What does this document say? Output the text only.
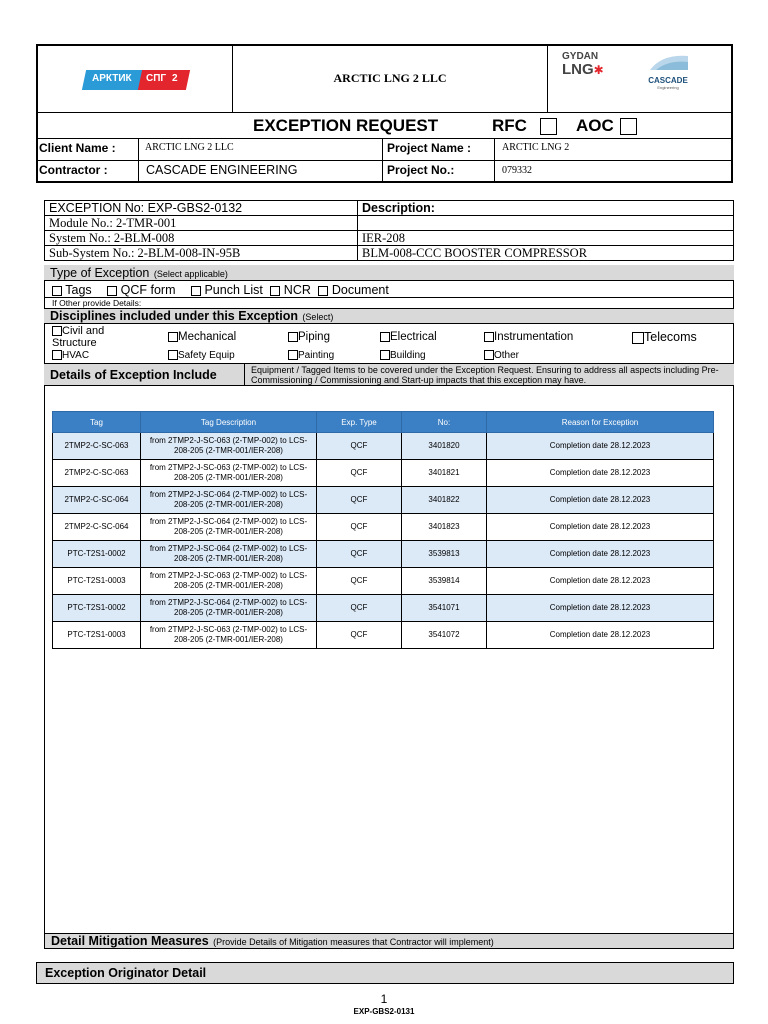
АРКТИК СПГ 2	ARCTIC LNG 2 LLC
GYDAN
LNG✱
CASCADE
Engineering
EXCEPTION REQUEST	RFC	AOC
Client Name :	ARCTIC LNG 2 LLC	Project Name :	ARCTIC LNG 2
Contractor :	CASCADE ENGINEERING	Project No.:	079332
EXCEPTION No: EXP-GBS2-0132	Description:
Module No.: 2-TMR-001	
System No.: 2-BLM-008	IER-208
Sub-System No.: 2-BLM-008-IN-95B	BLM-008-CCC BOOSTER COMPRESSOR
Type of Exception (Select applicable)
Tags QCF form Punch List NCR Document
If Other provide Details:
Disciplines included under this Exception (Select)
Civil and
Structure	Mechanical	Piping	Electrical	Instrumentation	Telecoms
HVAC	Safety Equip	Painting	Building	Other
Details of Exception Include	Equipment / Tagged Items to be covered under the Exception Request. Ensuring to address all aspects including Pre-Commissioning / Commissioning and Start-up impacts that this exception may have.
Tag	Tag Description	Exp. Type	No:	Reason for Exception
2TMP2-C-SC-063	from 2TMP2-J-SC-063 (2-TMP-002) to LCS-208-205 (2-TMR-001/IER-208)	QCF	3401820	Completion date 28.12.2023
2TMP2-C-SC-063	from 2TMP2-J-SC-063 (2-TMP-002) to LCS-208-205 (2-TMR-001/IER-208)	QCF	3401821	Completion date 28.12.2023
2TMP2-C-SC-064	from 2TMP2-J-SC-064 (2-TMP-002) to LCS-208-205 (2-TMR-001/IER-208)	QCF	3401822	Completion date 28.12.2023
2TMP2-C-SC-064	from 2TMP2-J-SC-064 (2-TMP-002) to LCS-208-205 (2-TMR-001/IER-208)	QCF	3401823	Completion date 28.12.2023
PTC-T2S1-0002	from 2TMP2-J-SC-064 (2-TMP-002) to LCS-208-205 (2-TMR-001/IER-208)	QCF	3539813	Completion date 28.12.2023
PTC-T2S1-0003	from 2TMP2-J-SC-063 (2-TMP-002) to LCS-208-205 (2-TMR-001/IER-208)	QCF	3539814	Completion date 28.12.2023
PTC-T2S1-0002	from 2TMP2-J-SC-064 (2-TMP-002) to LCS-208-205 (2-TMR-001/IER-208)	QCF	3541071	Completion date 28.12.2023
PTC-T2S1-0003	from 2TMP2-J-SC-063 (2-TMP-002) to LCS-208-205 (2-TMR-001/IER-208)	QCF	3541072	Completion date 28.12.2023
Detail Mitigation Measures (Provide Details of Mitigation measures that Contractor will implement)
Exception Originator Detail
1
EXP-GBS2-0131
